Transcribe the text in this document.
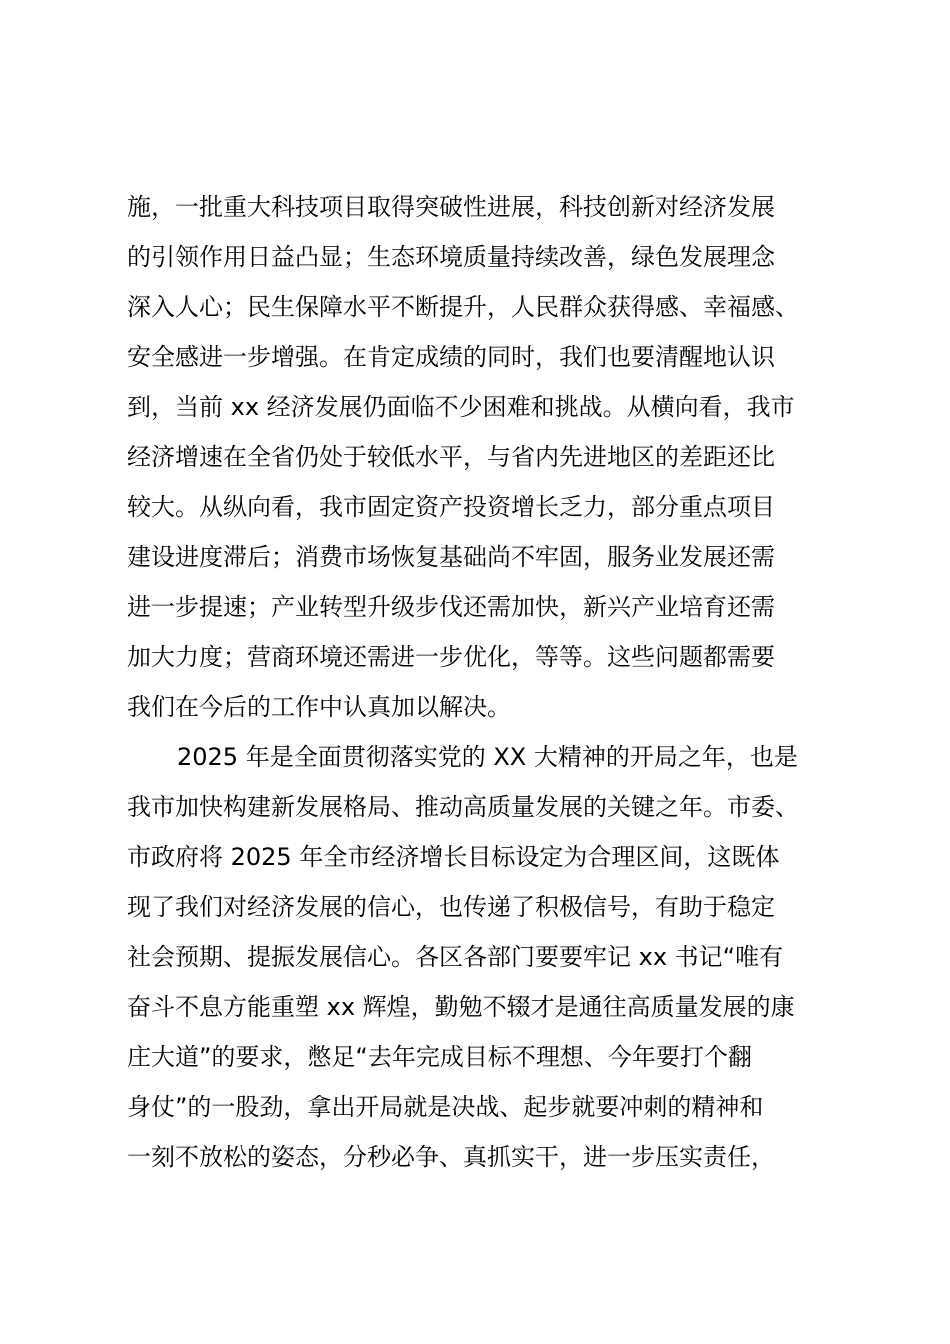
施，一批重大科技项目取得突破性进展，科技创新对经济发展
的引领作用日益凸显；生态环境质量持续改善，绿色发展理念
深入人心；民生保障水平不断提升，人民群众获得感、幸福感、
安全感进一步增强。在肯定成绩的同时，我们也要清醒地认识
到，当前 xx 经济发展仍面临不少困难和挑战。从横向看，我市
经济增速在全省仍处于较低水平，与省内先进地区的差距还比
较大。从纵向看，我市固定资产投资增长乏力，部分重点项目
建设进度滞后；消费市场恢复基础尚不牢固，服务业发展还需
进一步提速；产业转型升级步伐还需加快，新兴产业培育还需
加大力度；营商环境还需进一步优化，等等。这些问题都需要
我们在今后的工作中认真加以解决。
2025 年是全面贯彻落实党的 XX 大精神的开局之年，也是
我市加快构建新发展格局、推动高质量发展的关键之年。市委、
市政府将 2025 年全市经济增长目标设定为合理区间，这既体
现了我们对经济发展的信心，也传递了积极信号，有助于稳定
社会预期、提振发展信心。各区各部门要要牢记 xx 书记“唯有
奋斗不息方能重塑 xx 辉煌，勤勉不辍才是通往高质量发展的康
庄大道”的要求，憋足“去年完成目标不理想、今年要打个翻
身仗”的一股劲，拿出开局就是决战、起步就要冲刺的精神和
一刻不放松的姿态，分秒必争、真抓实干，进一步压实责任，
